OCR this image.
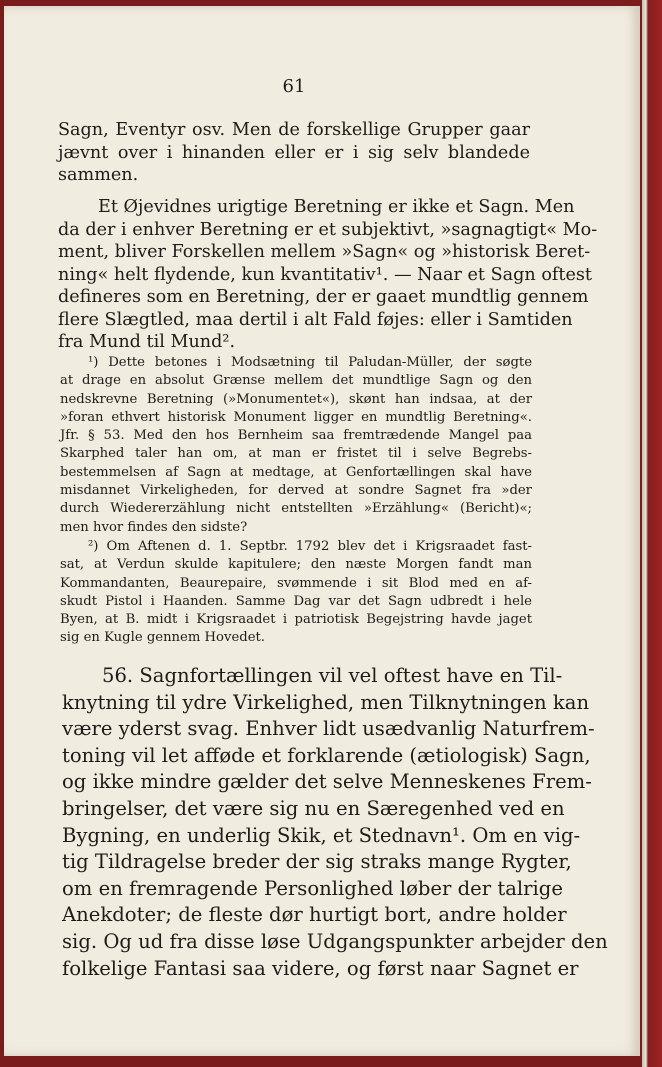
61
Sagn, Eventyr osv. Men de forskellige Grupper gaar
jævnt over i hinanden eller er i sig selv blandede
sammen.
Et Øjevidnes urigtige Beretning er ikke et Sagn. Men
da der i enhver Beretning er et subjektivt, »sagnagtigt« Mo-
ment, bliver Forskellen mellem »Sagn« og »historisk Beret-
ning« helt flydende, kun kvantitativ¹. — Naar et Sagn oftest
defineres som en Beretning, der er gaaet mundtlig gennem
flere Slægtled, maa dertil i alt Fald føjes: eller i Samtiden
fra Mund til Mund².
¹) Dette betones i Modsætning til Paludan-Müller, der søgte
at drage en absolut Grænse mellem det mundtlige Sagn og den
nedskrevne Beretning (»Monumentet«), skønt han indsaa, at der
»foran ethvert historisk Monument ligger en mundtlig Beretning«.
Jfr. § 53. Med den hos Bernheim saa fremtrædende Mangel paa
Skarphed taler han om, at man er fristet til i selve Begrebs-
bestemmelsen af Sagn at medtage, at Genfortællingen skal have
misdannet Virkeligheden, for derved at sondre Sagnet fra »der
durch Wiedererzählung nicht entstellten »Erzählung« (Bericht)«;
men hvor findes den sidste?
²) Om Aftenen d. 1. Septbr. 1792 blev det i Krigsraadet fast-
sat, at Verdun skulde kapitulere; den næste Morgen fandt man
Kommandanten, Beaurepaire, svømmende i sit Blod med en af-
skudt Pistol i Haanden. Samme Dag var det Sagn udbredt i hele
Byen, at B. midt i Krigsraadet i patriotisk Begejstring havde jaget
sig en Kugle gennem Hovedet.
56. Sagnfortællingen vil vel oftest have en Til-
knytning til ydre Virkelighed, men Tilknytningen kan
være yderst svag. Enhver lidt usædvanlig Naturfrem-
toning vil let afføde et forklarende (ætiologisk) Sagn,
og ikke mindre gælder det selve Menneskenes Frem-
bringelser, det være sig nu en Særegenhed ved en
Bygning, en underlig Skik, et Stednavn¹. Om en vig-
tig Tildragelse breder der sig straks mange Rygter,
om en fremragende Personlighed løber der talrige
Anekdoter; de fleste dør hurtigt bort, andre holder
sig. Og ud fra disse løse Udgangspunkter arbejder den
folkelige Fantasi saa videre, og først naar Sagnet er
